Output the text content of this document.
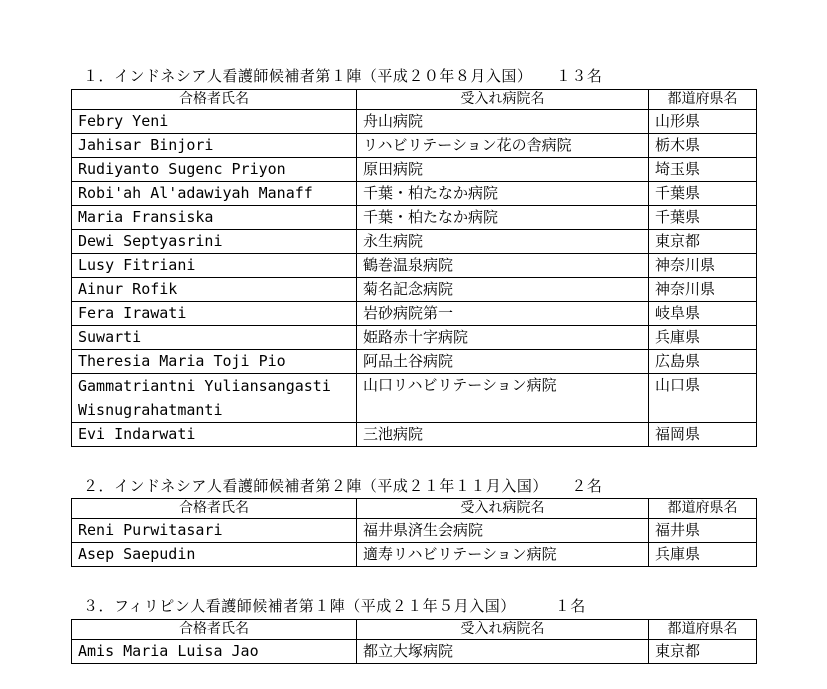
１．インドネシア人看護師候補者第１陣（平成２０年８月入国）　　１３名
合格者氏名	受入れ病院名	都道府県名
Febry Yeni	舟山病院	山形県
Jahisar Binjori	リハビリテーション花の舎病院	栃木県
Rudiyanto Sugenc Priyon	原田病院	埼玉県
Robi'ah Al'adawiyah Manaff	千葉・柏たなか病院	千葉県
Maria Fransiska	千葉・柏たなか病院	千葉県
Dewi Septyasrini	永生病院	東京都
Lusy Fitriani	鶴巻温泉病院	神奈川県
Ainur Rofik	菊名記念病院	神奈川県
Fera Irawati	岩砂病院第一	岐阜県
Suwarti	姫路赤十字病院	兵庫県
Theresia Maria Toji Pio	阿品土谷病院	広島県
Gammatriantni Yuliansangasti Wisnugrahatmanti	山口リハビリテーション病院	山口県
Evi Indarwati	三池病院	福岡県
２．インドネシア人看護師候補者第２陣（平成２１年１１月入国）　　２名
合格者氏名	受入れ病院名	都道府県名
Reni Purwitasari	福井県済生会病院	福井県
Asep Saepudin	適寿リハビリテーション病院	兵庫県
３．フィリピン人看護師候補者第１陣（平成２１年５月入国）　　　１名
合格者氏名	受入れ病院名	都道府県名
Amis Maria Luisa Jao	都立大塚病院	東京都
